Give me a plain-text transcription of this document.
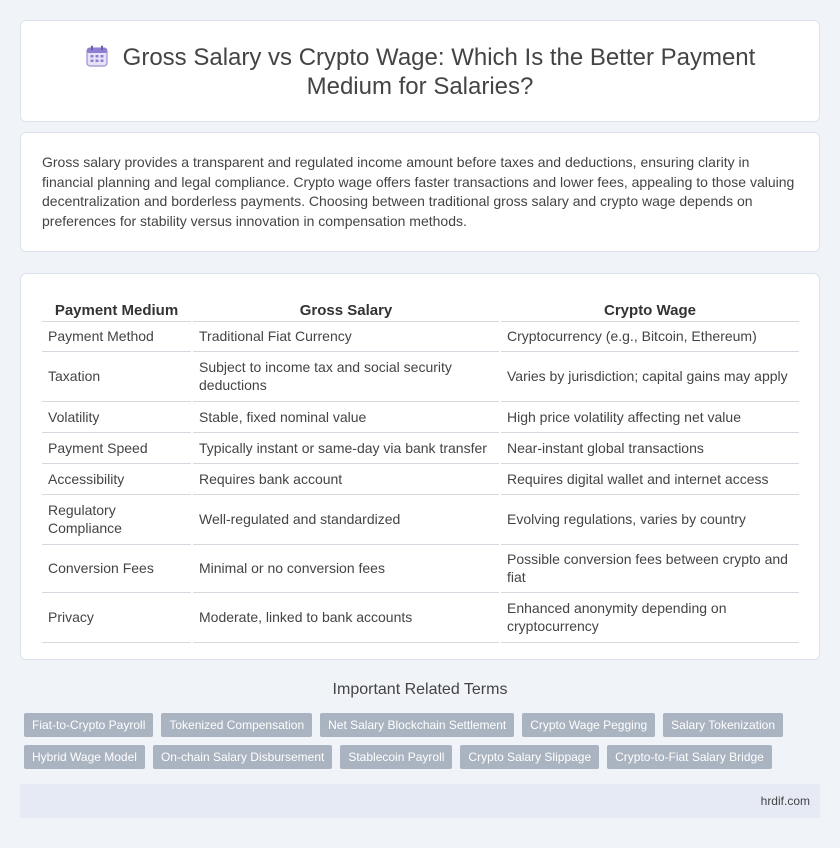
Gross Salary vs Crypto Wage: Which Is the Better Payment Medium for Salaries?

Gross salary provides a transparent and regulated income amount before taxes and deductions, ensuring clarity in financial planning and legal compliance. Crypto wage offers faster transactions and lower fees, appealing to those valuing decentralization and borderless payments. Choosing between traditional gross salary and crypto wage depends on preferences for stability versus innovation in compensation methods.

Payment Medium	Gross Salary	Crypto Wage
Payment Method	Traditional Fiat Currency	Cryptocurrency (e.g., Bitcoin, Ethereum)
Taxation	Subject to income tax and social security deductions	Varies by jurisdiction; capital gains may apply
Volatility	Stable, fixed nominal value	High price volatility affecting net value
Payment Speed	Typically instant or same-day via bank transfer	Near-instant global transactions
Accessibility	Requires bank account	Requires digital wallet and internet access
Regulatory Compliance	Well-regulated and standardized	Evolving regulations, varies by country
Conversion Fees	Minimal or no conversion fees	Possible conversion fees between crypto and fiat
Privacy	Moderate, linked to bank accounts	Enhanced anonymity depending on cryptocurrency
Important Related Terms
Fiat-to-Crypto Payroll	Tokenized Compensation	Net Salary Blockchain Settlement	Crypto Wage Pegging	Salary Tokenization
Hybrid Wage Model	On-chain Salary Disbursement	Stablecoin Payroll	Crypto Salary Slippage	Crypto-to-Fiat Salary Bridge
hrdif.com
